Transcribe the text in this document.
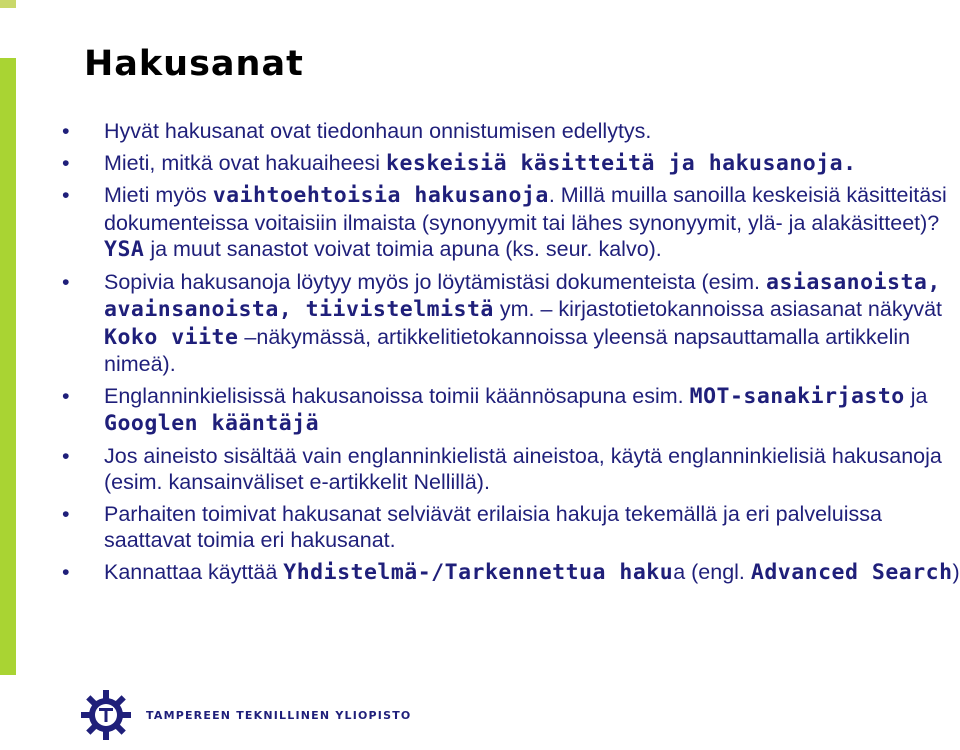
Hakusanat
• Hyvät hakusanat ovat tiedonhaun onnistumisen edellytys.
• Mieti, mitkä ovat hakuaiheesi keskeisiä käsitteitä ja hakusanoja.
• Mieti myös vaihtoehtoisia hakusanoja. Millä muilla sanoilla keskeisiä käsitteitäsi dokumenteissa voitaisiin ilmaista (synonyymit tai lähes synonyymit, ylä- ja alakäsitteet)? YSA ja muut sanastot voivat toimia apuna (ks. seur. kalvo).
• Sopivia hakusanoja löytyy myös jo löytämistäsi dokumenteista (esim. asiasanoista, avainsanoista, tiivistelmistä ym. – kirjastotietokannoissa asiasanat näkyvät Koko viite –näkymässä, artikkelitietokannoissa yleensä napsauttamalla artikkelin nimeä).
• Englanninkielisissä hakusanoissa toimii käännösapuna esim. MOT-sanakirjasto ja Googlen kääntäjä
• Jos aineisto sisältää vain englanninkielistä aineistoa, käytä englanninkielisiä hakusanoja (esim. kansainväliset e-artikkelit Nellillä).
• Parhaiten toimivat hakusanat selviävät erilaisia hakuja tekemällä ja eri palveluissa saattavat toimia eri hakusanat.
• Kannattaa käyttää Yhdistelmä-/Tarkennettua hakua (engl. Advanced Search)
TAMPEREEN TEKNILLINEN YLIOPISTO
